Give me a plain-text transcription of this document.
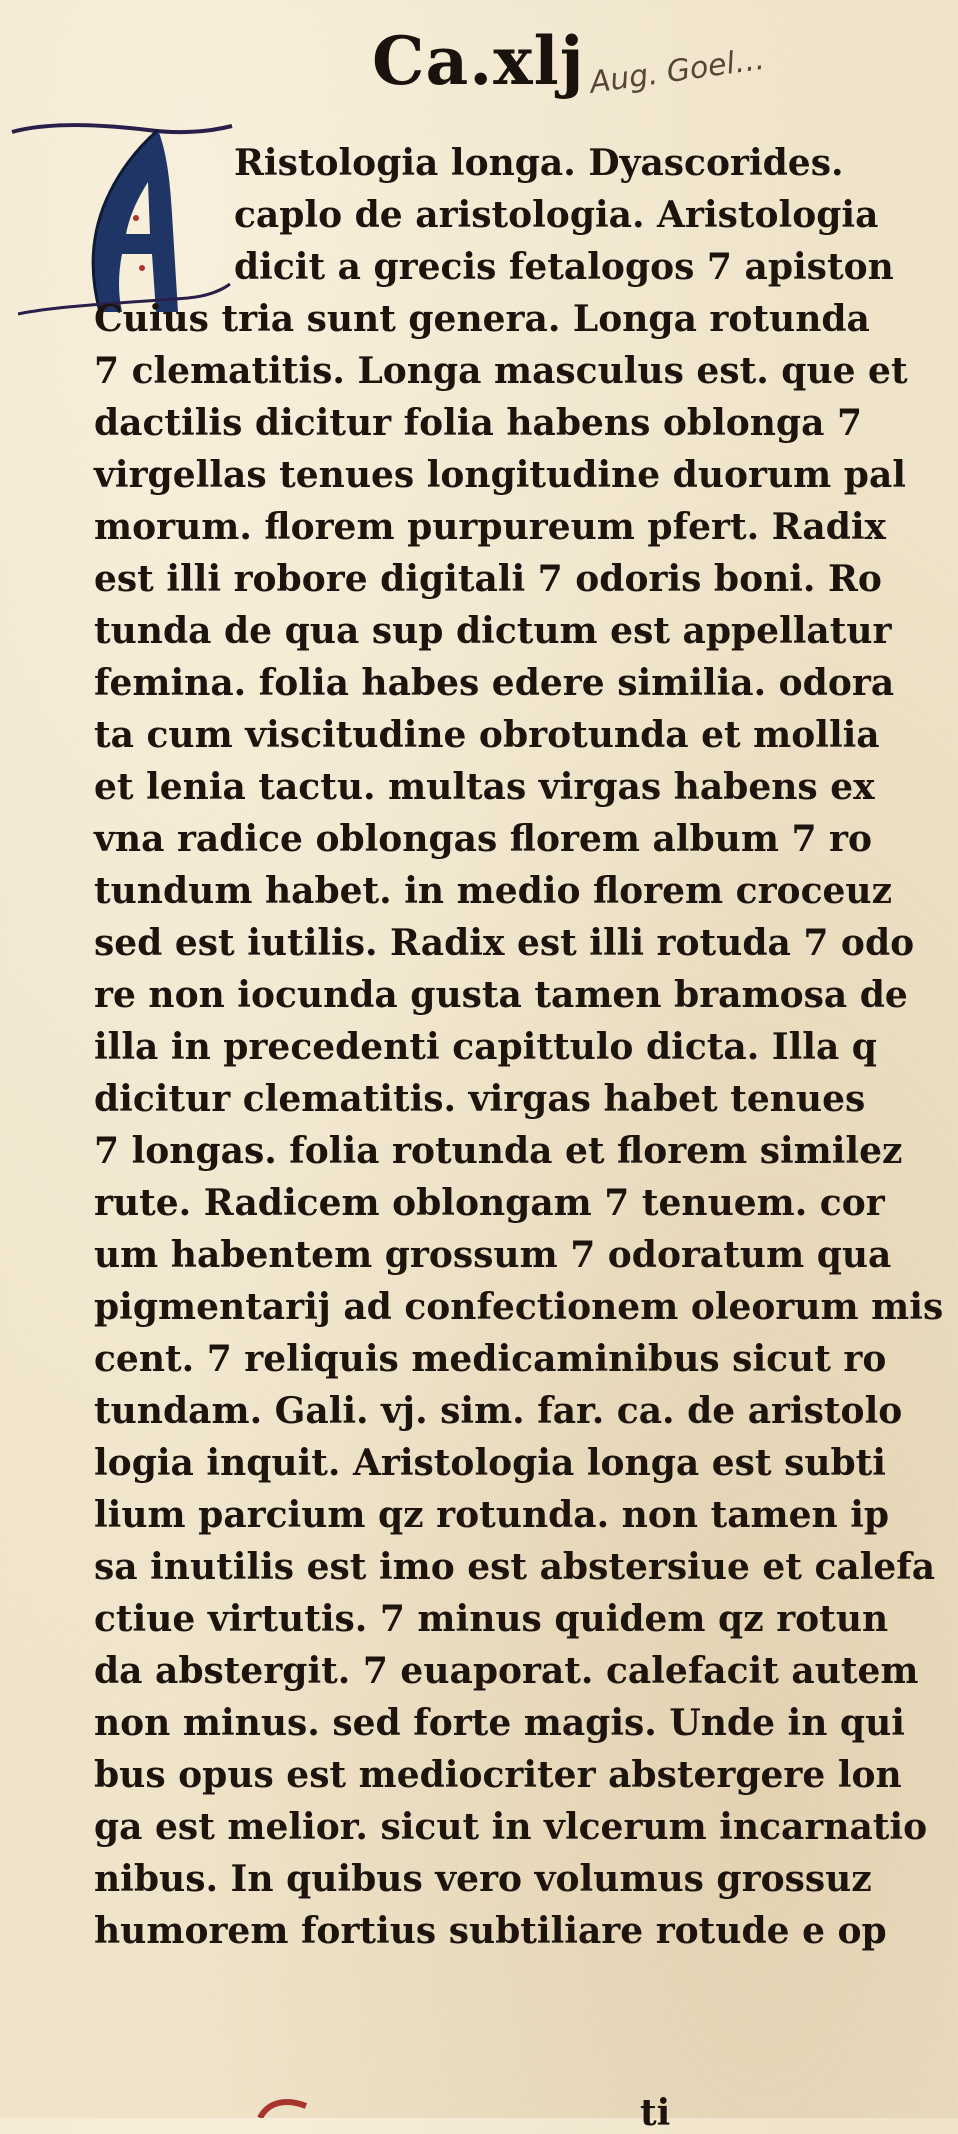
Ca.xlj Aug. Goel…
Ristologia longa. Dyascorides.
caplo de aristologia. Aristologia
dicit a grecis fetalogos 7 apiston
Cuius tria sunt genera. Longa rotunda
7 clematitis. Longa masculus est. que et
dactilis dicitur folia habens oblonga 7
virgellas tenues longitudine duorum pal
morum. florem purpureum pfert. Radix
est illi robore digitali 7 odoris boni. Ro
tunda de qua sup dictum est appellatur
femina. folia habes edere similia. odora
ta cum viscitudine obrotunda et mollia
et lenia tactu. multas virgas habens ex
vna radice oblongas florem album 7 ro
tundum habet. in medio florem croceuz
sed est iutilis. Radix est illi rotuda 7 odo
re non iocunda gusta tamen bramosa de
illa in precedenti capittulo dicta. Illa q
dicitur clematitis. virgas habet tenues
7 longas. folia rotunda et florem similez
rute. Radicem oblongam 7 tenuem. cor
um habentem grossum 7 odoratum qua
pigmentarij ad confectionem oleorum mis
cent. 7 reliquis medicaminibus sicut ro
tundam. Gali. vj. sim. far. ca. de aristolo
logia inquit. Aristologia longa est subti
lium parcium qz rotunda. non tamen ip
sa inutilis est imo est abstersiue et calefa
ctiue virtutis. 7 minus quidem qz rotun
da abstergit. 7 euaporat. calefacit autem
non minus. sed forte magis. Unde in qui
bus opus est mediocriter abstergere lon
ga est melior. sicut in vlcerum incarnatio
nibus. In quibus vero volumus grossuz
humorem fortius subtiliare rotude e op
ti
